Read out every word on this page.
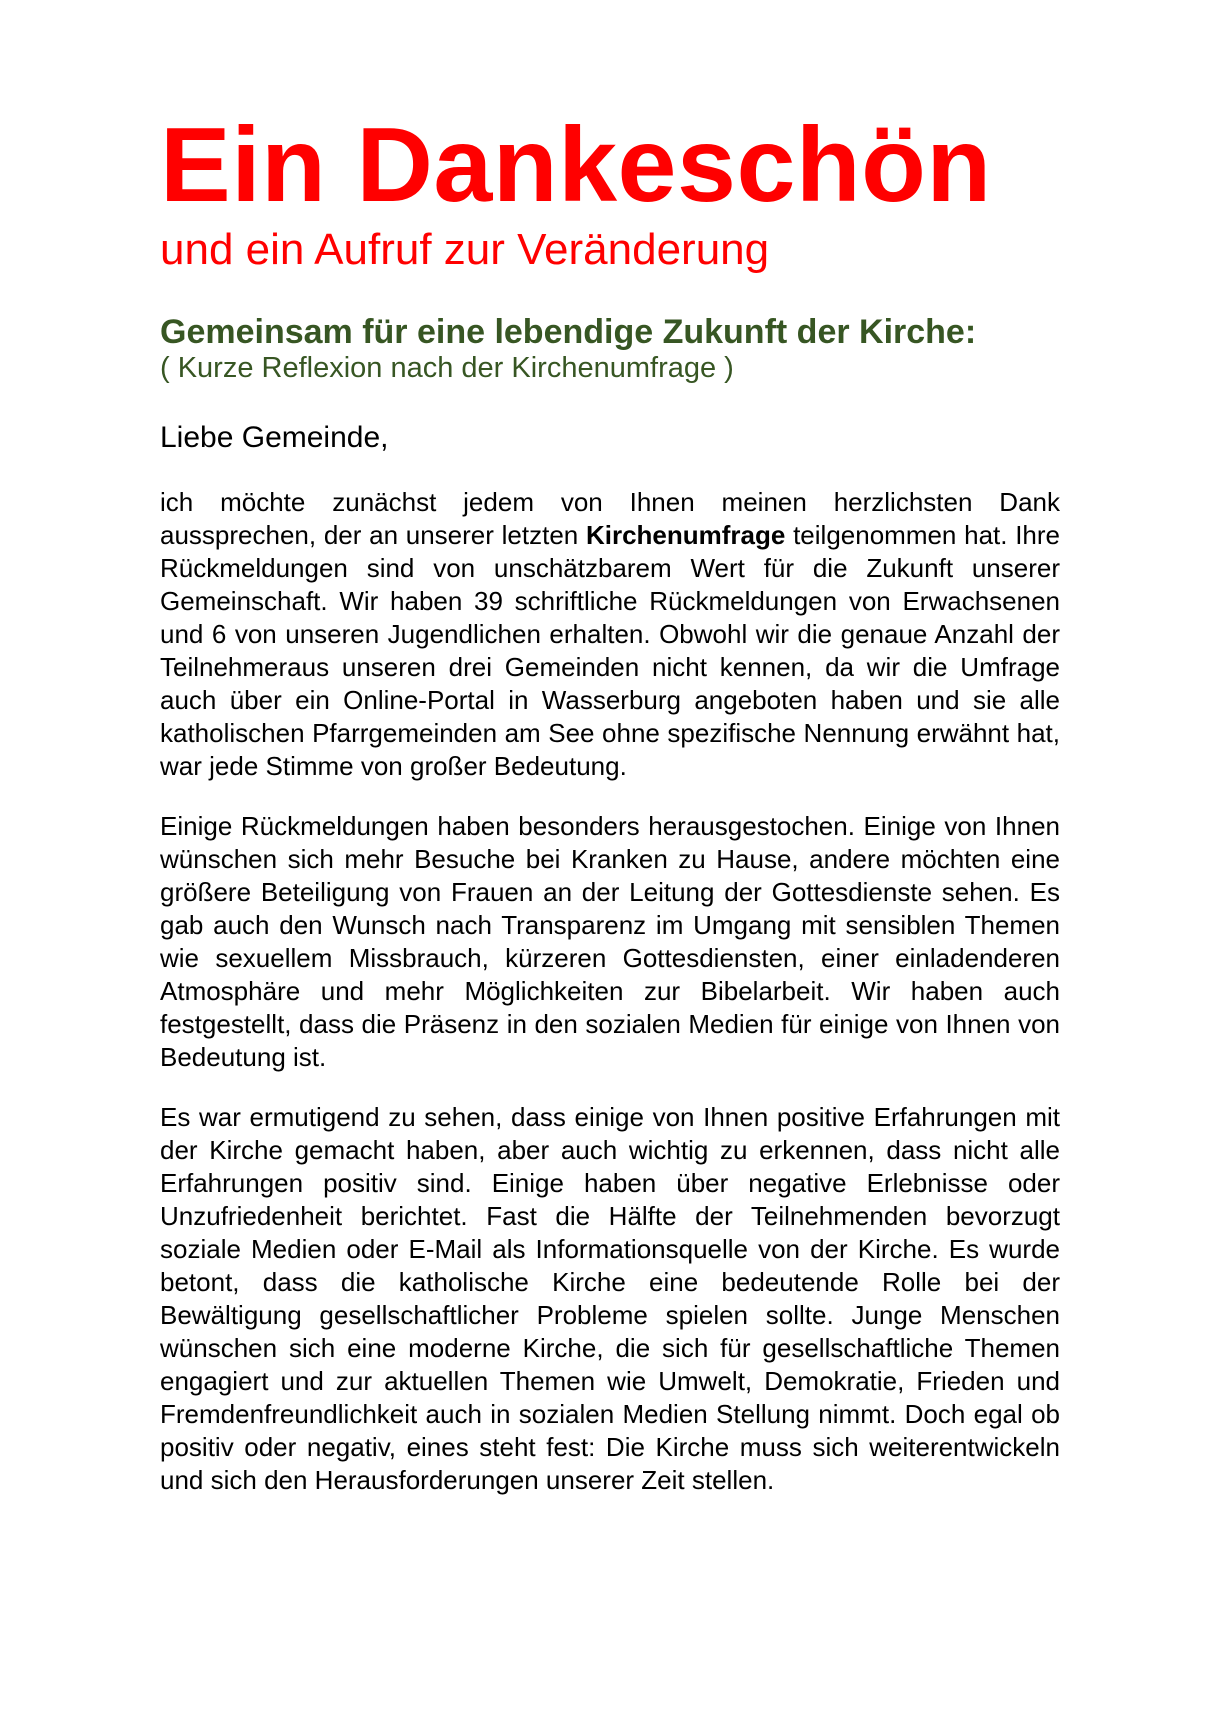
Ein Dankeschön
und ein Aufruf zur Veränderung
Gemeinsam für eine lebendige Zukunft der Kirche:
( Kurze Reflexion nach der Kirchenumfrage )
Liebe Gemeinde,

ich möchte zunächst jedem von Ihnen meinen herzlichsten Dank aussprechen, der an unserer letzten Kirchenumfrage teilgenommen hat. Ihre Rückmeldungen sind von unschätzbarem Wert für die Zukunft unserer Gemeinschaft. Wir haben 39 schriftliche Rückmeldungen von Erwachsenen und 6 von unseren Jugendlichen erhalten. Obwohl wir die genaue Anzahl der Teilnehmeraus unseren drei Gemeinden nicht kennen, da wir die Umfrage auch über ein Online-Portal in Wasserburg angeboten haben und sie alle katholischen Pfarrgemeinden am See ohne spezifische Nennung erwähnt hat, war jede Stimme von großer Bedeutung.

Einige Rückmeldungen haben besonders herausgestochen. Einige von Ihnen wünschen sich mehr Besuche bei Kranken zu Hause, andere möchten eine größere Beteiligung von Frauen an der Leitung der Gottesdienste sehen. Es gab auch den Wunsch nach Transparenz im Umgang mit sensiblen Themen wie sexuellem Missbrauch, kürzeren Gottesdiensten, einer einladenderen Atmosphäre und mehr Möglichkeiten zur Bibelarbeit. Wir haben auch festgestellt, dass die Präsenz in den sozialen Medien für einige von Ihnen von Bedeutung ist.

Es war ermutigend zu sehen, dass einige von Ihnen positive Erfahrungen mit der Kirche gemacht haben, aber auch wichtig zu erkennen, dass nicht alle Erfahrungen positiv sind. Einige haben über negative Erlebnisse oder Unzufriedenheit berichtet. Fast die Hälfte der Teilnehmenden bevorzugt soziale Medien oder E-Mail als Informationsquelle von der Kirche. Es wurde betont, dass die katholische Kirche eine bedeutende Rolle bei der Bewältigung gesellschaftlicher Probleme spielen sollte. Junge Menschen wünschen sich eine moderne Kirche, die sich für gesellschaftliche Themen engagiert und zur aktuellen Themen wie Umwelt, Demokratie, Frieden und Fremdenfreundlichkeit auch in sozialen Medien Stellung nimmt. Doch egal ob positiv oder negativ, eines steht fest: Die Kirche muss sich weiterentwickeln und sich den Herausforderungen unserer Zeit stellen.
